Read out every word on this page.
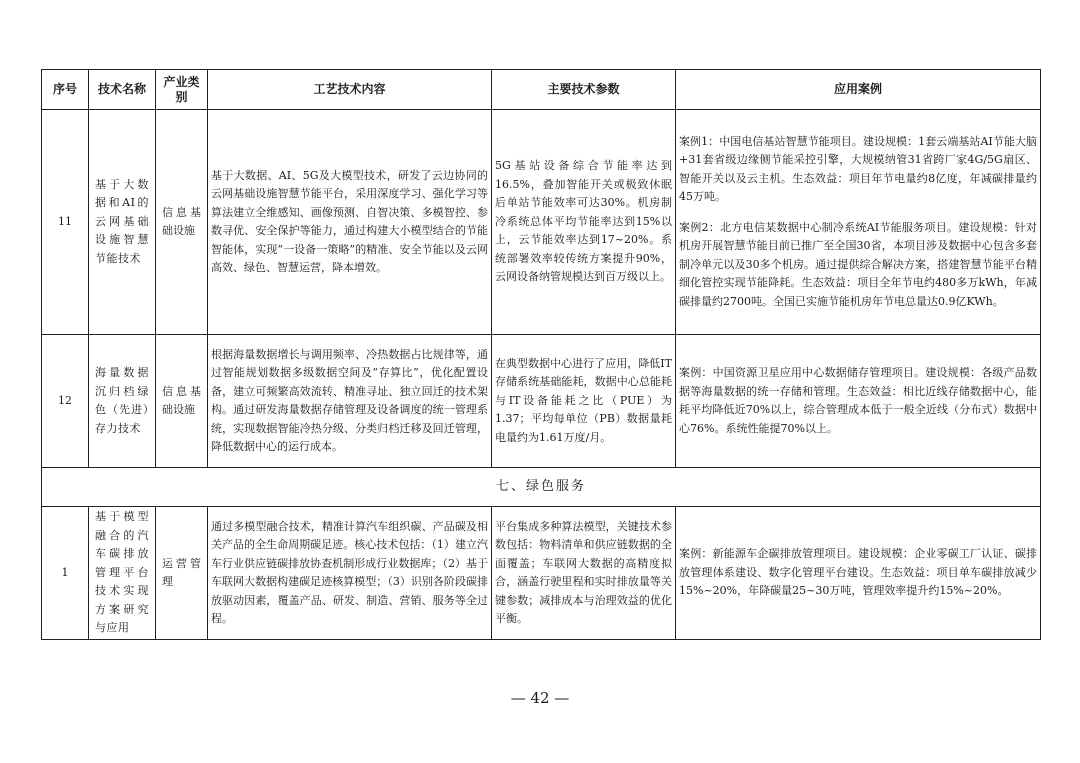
序号	技术名称	产业类别	工艺技术内容	主要技术参数	应用案例
11	基于大数据和AI的云网基础设施智慧节能技术	信息基础设施	基于大数据、AI、5G及大模型技术，研发了云边协同的云网基础设施智慧节能平台，采用深度学习、强化学习等算法建立全维感知、画像预测、自智决策、多模智控、参数寻优、安全保护等能力，通过构建大小模型结合的节能智能体，实现“一设备一策略”的精准、安全节能以及云网高效、绿色、智慧运营，降本增效。	5G基站设备综合节能率达到16.5%，叠加智能开关或极致休眠后单站节能效率可达30%。机房制冷系统总体平均节能率达到15%以上，云节能效率达到17~20%。系统部署效率较传统方案提升90%，云网设备纳管规模达到百万级以上。	案例1：中国电信基站智慧节能项目。建设规模：1套云端基站AI节能大脑+31套省级边缘侧节能采控引擎，大规模纳管31省跨厂家4G/5G扇区、智能开关以及云主机。生态效益：项目年节电量约8亿度，年减碳排量约45万吨。
案例2：北方电信某数据中心制冷系统AI节能服务项目。建设规模：针对机房开展智慧节能目前已推广至全国30省，本项目涉及数据中心包含多套制冷单元以及30多个机房。通过提供综合解决方案，搭建智慧节能平台精细化管控实现节能降耗。生态效益：项目全年节电约480多万kWh，年减碳排量约2700吨。全国已实施节能机房年节电总量达0.9亿KWh。

12	海量数据沉归档绿色（先进）存力技术	信息基础设施	根据海量数据增长与调用频率、冷热数据占比规律等，通过智能规划数据多级数据空间及“存算比”，优化配置设备，建立可频繁高效流转、精准寻址、独立回迁的技术架构。通过研发海量数据存储管理及设备调度的统一管理系统，实现数据智能冷热分级、分类归档迁移及回迁管理，降低数据中心的运行成本。	在典型数据中心进行了应用，降低IT存储系统基础能耗，数据中心总能耗与IT设备能耗之比（PUE）为1.37；平均每单位（PB）数据量耗电量约为1.61万度/月。	案例：中国资源卫星应用中心数据储存管理项目。建设规模：各级产品数据等海量数据的统一存储和管理。生态效益：相比近线存储数据中心，能耗平均降低近70%以上，综合管理成本低于一般全近线（分布式）数据中心76%。系统性能提70%以上。

七、绿色服务					
1	基于模型融合的汽车碳排放管理平台技术实现方案研究与应用	运营管理	通过多模型融合技术，精准计算汽车组织碳、产品碳及相关产品的全生命周期碳足迹。核心技术包括：（1）建立汽车行业供应链碳排放协查机制形成行业数据库；（2）基于车联网大数据构建碳足迹核算模型；（3）识别各阶段碳排放驱动因素，覆盖产品、研发、制造、营销、服务等全过程。	平台集成多种算法模型，关键技术参数包括：物料清单和供应链数据的全面覆盖；车联网大数据的高精度拟合，涵盖行驶里程和实时排放量等关键参数；减排成本与治理效益的优化平衡。	案例：新能源车企碳排放管理项目。建设规模：企业零碳工厂认证、碳排放管理体系建设、数字化管理平台建设。生态效益：项目单车碳排放减少15%~20%，年降碳量25~30万吨，管理效率提升约15%~20%。
— 42 —
